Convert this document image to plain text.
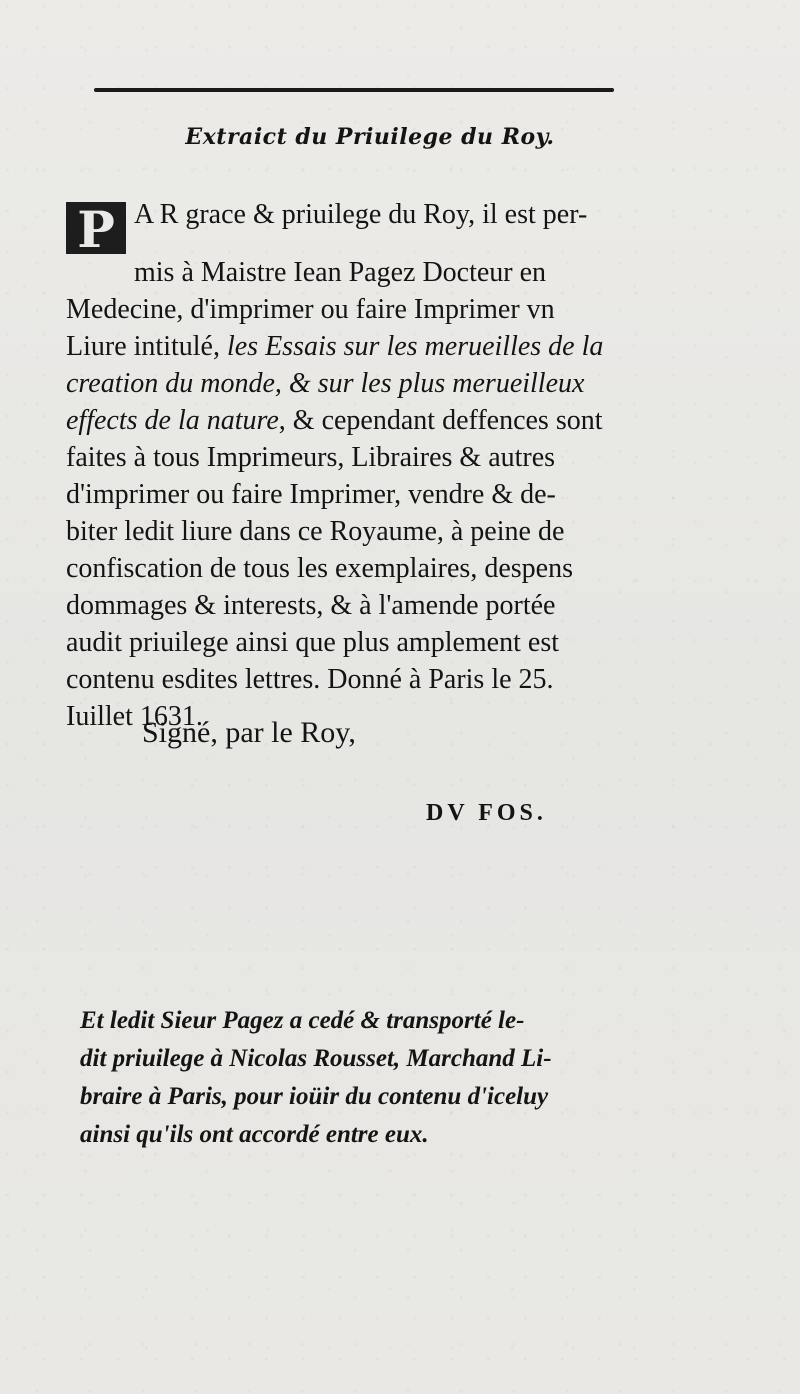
Extraict du Priuilege du Roy.
P A R grace & priuilege du Roy, il est per-
mis à Maistre Iean Pagez Docteur en
Medecine, d'imprimer ou faire Imprimer vn
Liure intitulé, les Essais sur les merueilles de la
creation du monde, & sur les plus merueilleux
effects de la nature, & cependant deffences sont
faites à tous Imprimeurs, Libraires & autres
d'imprimer ou faire Imprimer, vendre & de-
biter ledit liure dans ce Royaume, à peine de
confiscation de tous les exemplaires, despens
dommages & interests, & à l'amende portée
audit priuilege ainsi que plus amplement est
contenu esdites lettres. Donné à Paris le 25.
Iuillet 1631.
Signé, par le Roy,
DV FOS.
Et ledit Sieur Pagez a cedé & transporté le-
dit priuilege à Nicolas Rousset, Marchand Li-
braire à Paris, pour ioüir du contenu d'iceluy
ainsi qu'ils ont accordé entre eux.
